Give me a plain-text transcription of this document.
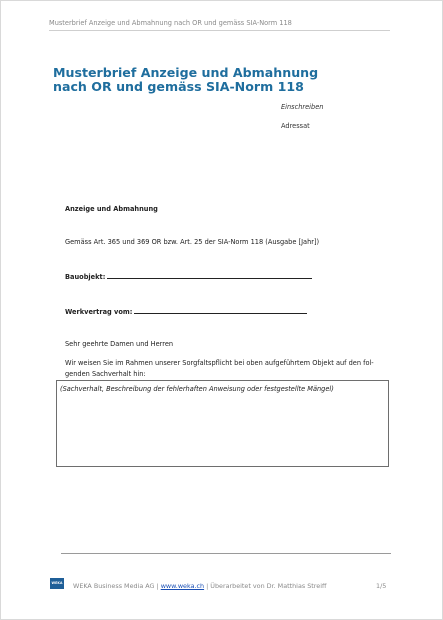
Musterbrief Anzeige und Abmahnung nach OR und gemäss SIA-Norm 118
Musterbrief Anzeige und Abmahnung
nach OR und gemäss SIA-Norm 118
Einschreiben
Adressat
Anzeige und Abmahnung
Gemäss Art. 365 und 369 OR bzw. Art. 25 der SIA-Norm 118 (Ausgabe [Jahr])
Bauobjekt:
Werkvertrag vom:
Sehr geehrte Damen und Herren
Wir weisen Sie im Rahmen unserer Sorgfaltspflicht bei oben aufgeführtem Objekt auf den fol-
genden Sachverhalt hin:
(Sachverhalt, Beschreibung der fehlerhaften Anweisung oder festgestellte Mängel)
WEKA WEKA Business Media AG | www.weka.ch | Überarbeitet von Dr. Matthias Streiff	1/5
